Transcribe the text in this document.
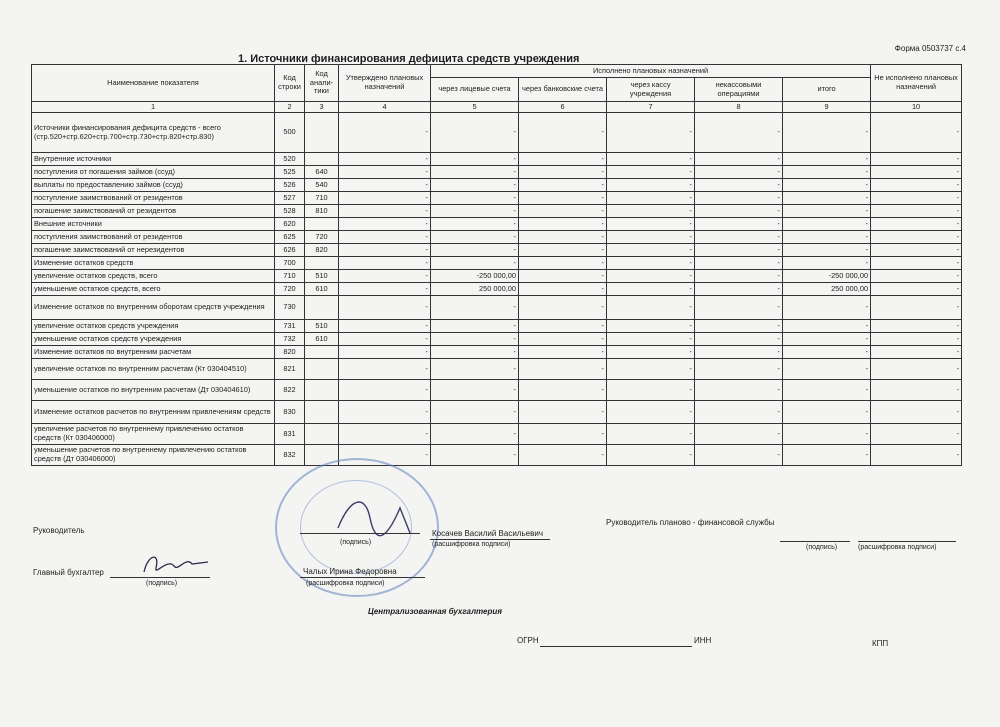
Форма 0503737 с.4
1. Источники финансирования дефицита средств учреждения
Наименование показателя	Код строки	Код анали-тики	Утверждено плановых назначений	Исполнено плановых назначений					Не исполнено плановых назначений
				через лицевые счета	через банковские счета	через кассу учреждения	некассовыми операциями	итого	
1	2	3	4	5	6	7	8	9	10
Источники финансирования дефицита средств - всего (стр.520+стр.620+стр.700+стр.730+стр.820+стр.830)	500		-	-	-	-	-	-	-
Внутренние источники	520		-	-	-	-	-	-	-
поступления от погашения займов (ссуд)	525	640	-	-	-	-	-	-	-
выплаты по предоставлению займов (ссуд)	526	540	-	-	-	-	-	-	-
поступление заимствований от резидентов	527	710	-	-	-	-	-	-	-
погашение заимствований от резидентов	528	810	-	-	-	-	-	-	-
Внешние источники	620		-	-	-	-	-	-	-
поступления заимствований от резидентов	625	720	-	-	-	-	-	-	-
погашение заимствований от нерезидентов	626	820	-	-	-	-	-	-	-
Изменение остатков средств	700		-	-	-	-	-	-	-
увеличение остатков средств, всего	710	510	-	-250 000,00	-	-	-	-250 000,00	-
уменьшение остатков средств, всего	720	610	-	250 000,00	-	-	-	250 000,00	-
Изменение остатков по внутренним оборотам средств учреждения	730		-	-	-	-	-	-	-
увеличение остатков средств учреждения	731	510	-	-	-	-	-	-	-
уменьшение остатков средств учреждения	732	610	-	-	-	-	-	-	-
Изменение остатков по внутренним расчетам	820		-	-	-	-	-	-	-
увеличение остатков по внутренним расчетам (Кт 030404510)	821		-	-	-	-	-	-	-
уменьшение остатков по внутренним расчетам (Дт 030404610)	822		-	-	-	-	-	-	-
Изменение остатков расчетов по внутренним привлечениям средств	830		-	-	-	-	-	-	-
увеличение расчетов по внутреннему привлечению остатков средств (Кт 030406000)	831		-	-	-	-	-	-	-
уменьшение расчетов по внутреннему привлечению остатков средств (Дт 030406000)	832		-	-	-	-	-	-	-
Руководитель
(подпись)
Косачев Василий Васильевич
(расшифровка подписи)
Руководитель планово - финансовой службы
(подпись)	(расшифровка подписи)
Главный бухгалтер
(подпись)
Чалых Ирина Федоровна
(расшифровка подписи)
Централизованная бухгалтерия
ОГРН	ИНН	КПП
